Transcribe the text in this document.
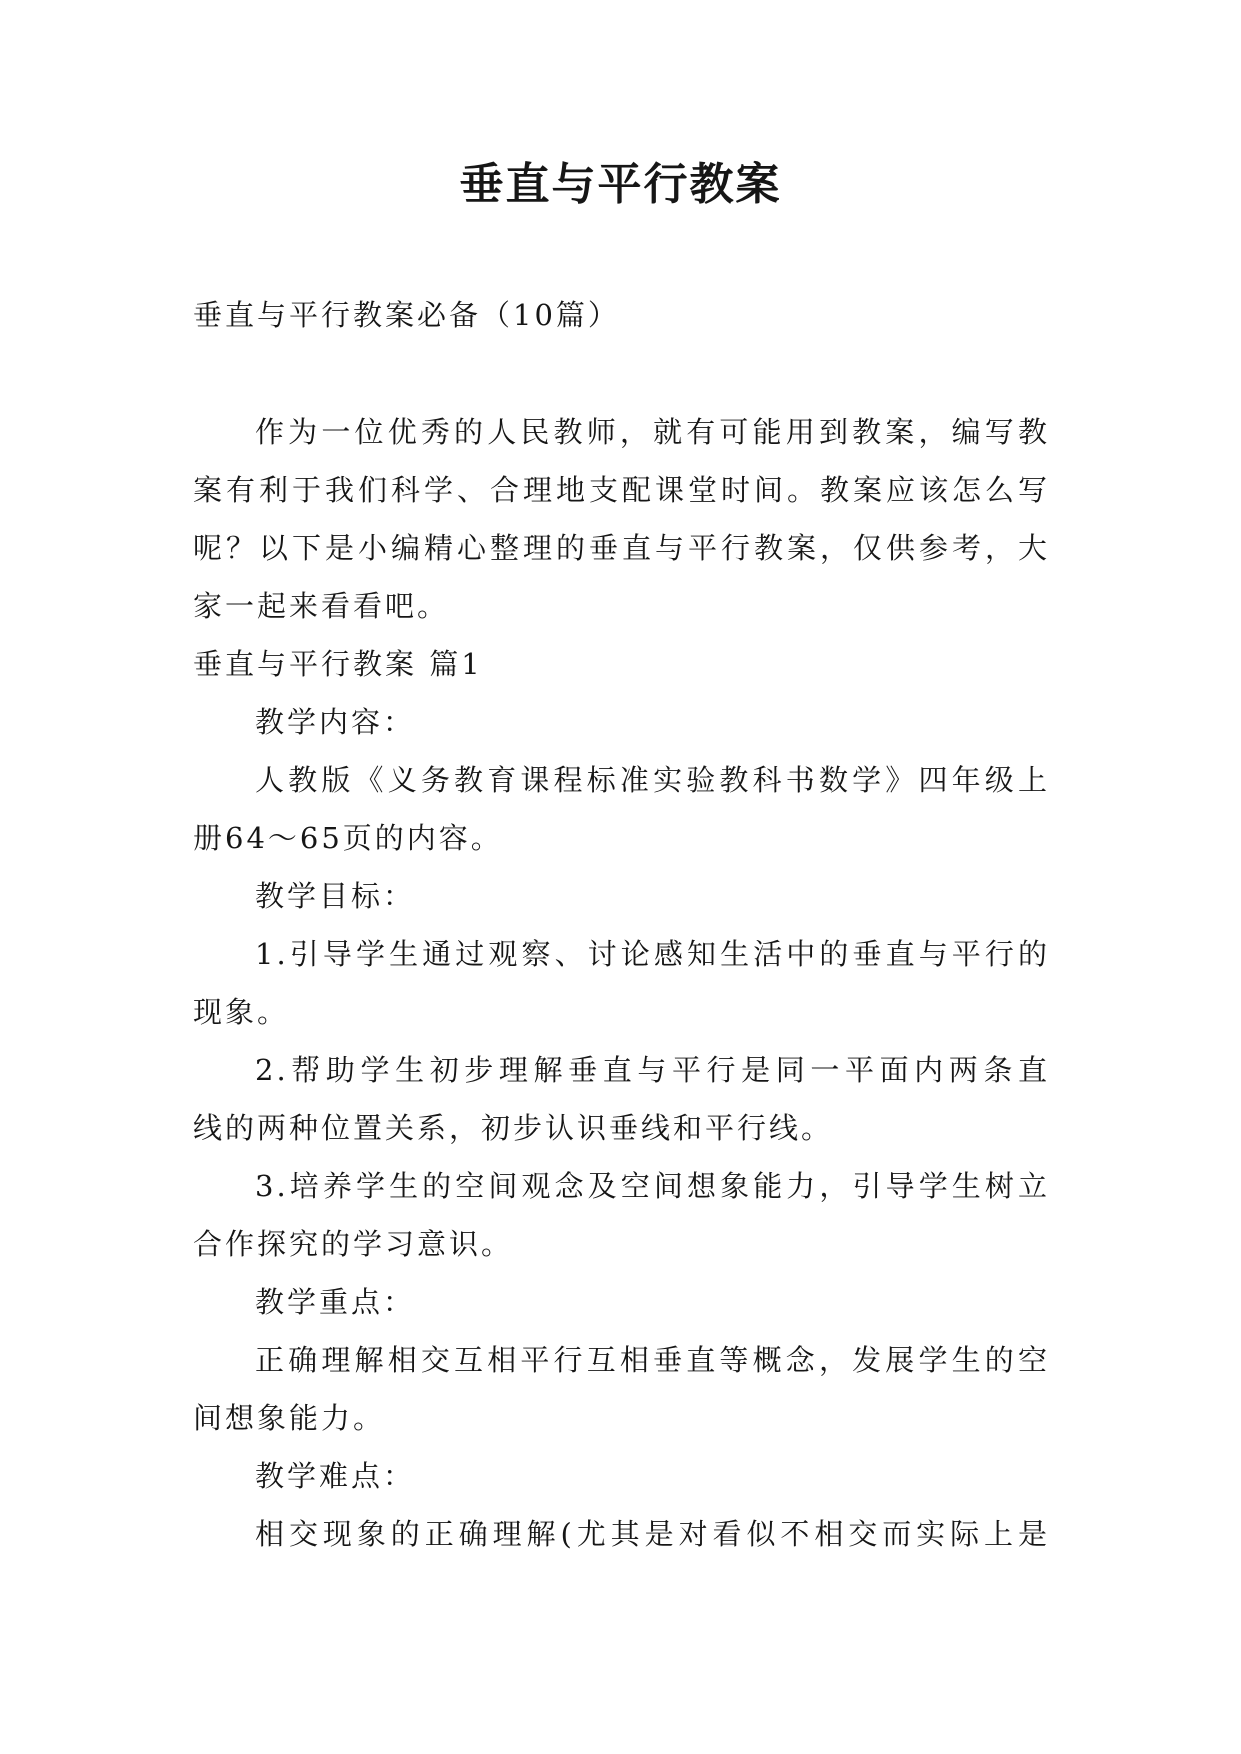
垂直与平行教案
垂直与平行教案必备（10篇）
作为一位优秀的人民教师，就有可能用到教案，编写教
案有利于我们科学、合理地支配课堂时间。教案应该怎么写
呢？以下是小编精心整理的垂直与平行教案，仅供参考，大
家一起来看看吧。
垂直与平行教案 篇1
教学内容：
人教版《义务教育课程标准实验教科书数学》四年级上
册64～65页的内容。
教学目标：
1.引导学生通过观察、讨论感知生活中的垂直与平行的
现象。
2.帮助学生初步理解垂直与平行是同一平面内两条直
线的两种位置关系，初步认识垂线和平行线。
3.培养学生的空间观念及空间想象能力，引导学生树立
合作探究的学习意识。
教学重点：
正确理解相交互相平行互相垂直等概念，发展学生的空
间想象能力。
教学难点：
相交现象的正确理解(尤其是对看似不相交而实际上是
